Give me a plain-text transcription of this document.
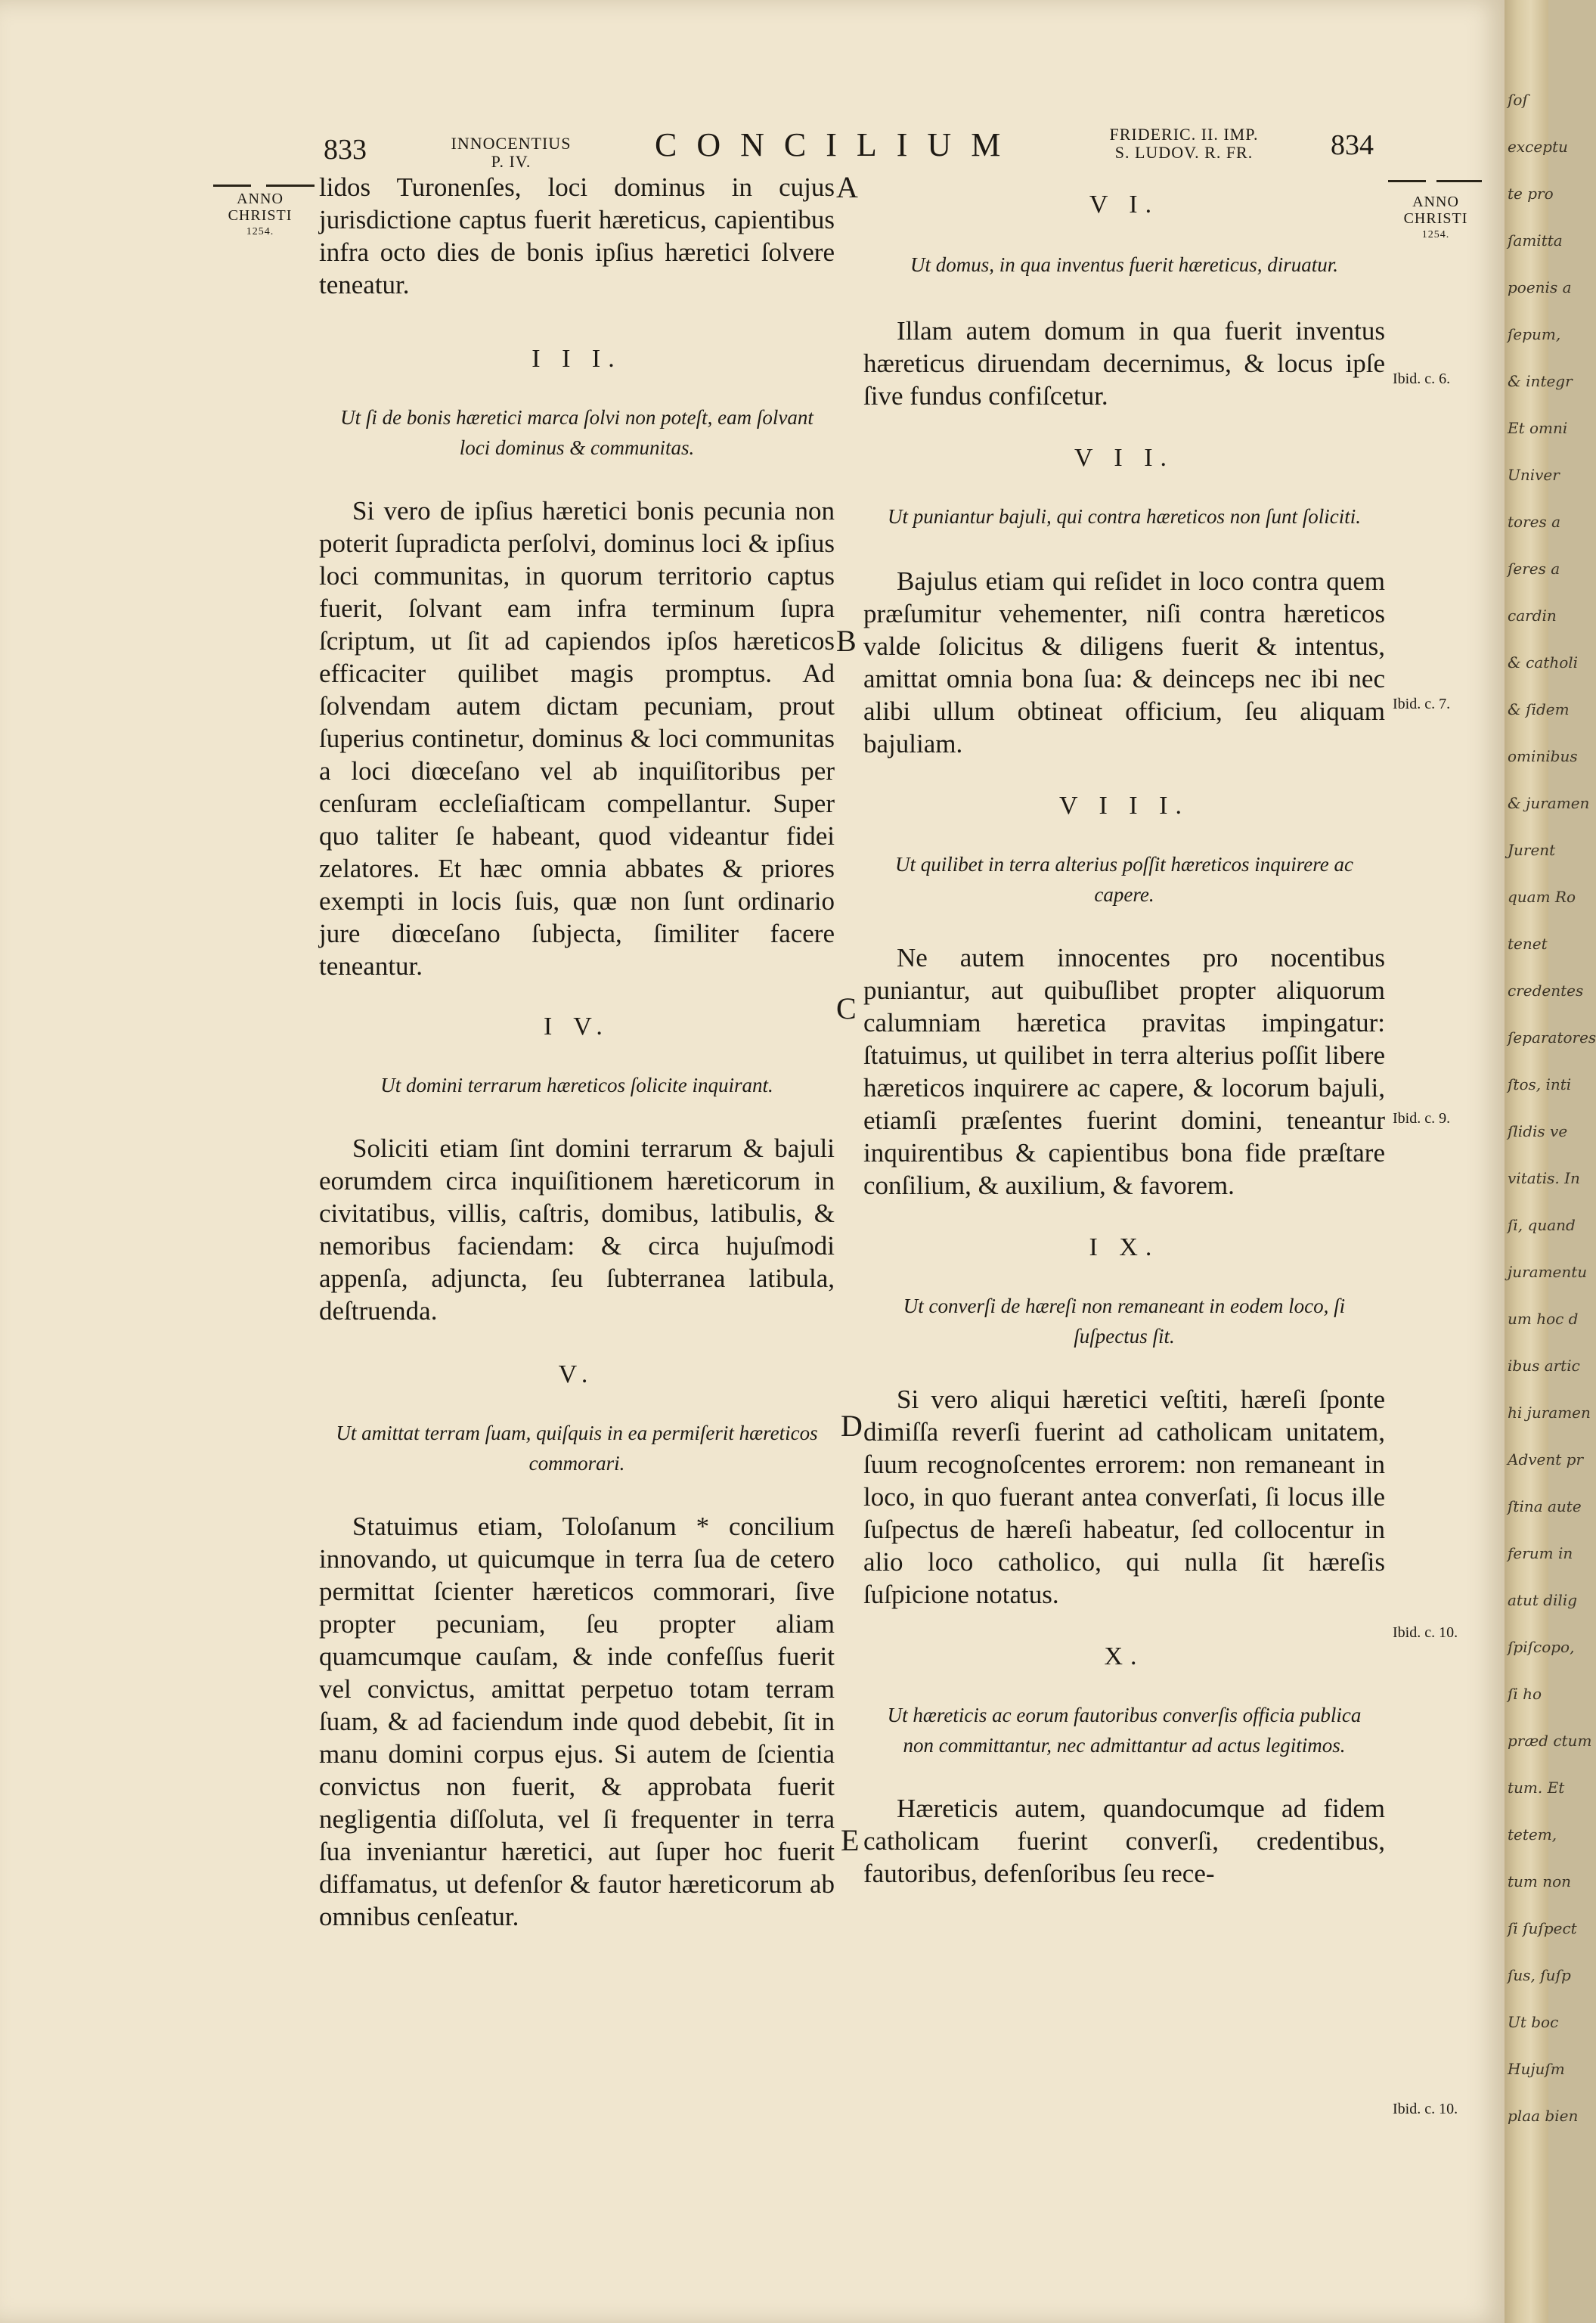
833	INNOCENTIUS
P. IV.	CONCILIUM	FRIDERIC. II. IMP.
S. LUDOV. R. FR.	834
ANNO
CHRISTI
1254.
ANNO
CHRISTI
1254.
A
B
C
D
E
Ibid. c. 6.
Ibid. c. 7.
Ibid. c. 9.
Ibid. c. 10.
Ibid. c. 10.

lidos Turonenſes, loci dominus in cujus jurisdictione captus fuerit hæreticus, capientibus infra octo dies de bonis ipſius hæretici ſolvere teneatur.

I I I.

Ut ſi de bonis hæretici marca ſolvi non poteſt, eam ſolvant loci dominus & communitas.

Si vero de ipſius hæretici bonis pecunia non poterit ſupradicta perſolvi, dominus loci & ipſius loci communitas, in quorum territorio captus fuerit, ſolvant eam infra terminum ſupra ſcriptum, ut ſit ad capiendos ipſos hæreticos efficaciter quilibet magis promptus. Ad ſolvendam autem dictam pecuniam, prout ſuperius continetur, dominus & loci communitas a loci diœceſano vel ab inquiſitoribus per cenſuram eccleſiaſticam compellantur. Super quo taliter ſe habeant, quod videantur fidei zelatores. Et hæc omnia abbates & priores exempti in locis ſuis, quæ non ſunt ordinario jure diœceſano ſubjecta, ſimiliter facere teneantur.

I V.

Ut domini terrarum hæreticos ſolicite inquirant.

Soliciti etiam ſint domini terrarum & bajuli eorumdem circa inquiſitionem hæreticorum in civitatibus, villis, caſtris, domibus, latibulis, & nemoribus faciendam: & circa hujuſmodi appenſa, adjuncta, ſeu ſubterranea latibula, deſtruenda.

V.

Ut amittat terram ſuam, quiſquis in ea permiſerit hæreticos commorari.

Statuimus etiam, Toloſanum * concilium innovando, ut quicumque in terra ſua de cetero permittat ſcienter hæreticos commorari, ſive propter pecuniam, ſeu propter aliam quamcumque cauſam, & inde confeſſus fuerit vel convictus, amittat perpetuo totam terram ſuam, & ad faciendum inde quod debebit, ſit in manu domini corpus ejus. Si autem de ſcientia convictus non fuerit, & approbata fuerit negligentia diſſoluta, vel ſi frequenter in terra ſua inveniantur hæretici, aut ſuper hoc fuerit diffamatus, ut defenſor & fautor hæreticorum ab omnibus cenſeatur.

V I.

Ut domus, in qua inventus fuerit hæreticus, diruatur.

Illam autem domum in qua fuerit inventus hæreticus diruendam decernimus, & locus ipſe ſive fundus confiſcetur.

V I I.

Ut puniantur bajuli, qui contra hæreticos non ſunt ſoliciti.

Bajulus etiam qui reſidet in loco contra quem præſumitur vehementer, niſi contra hæreticos valde ſolicitus & diligens fuerit & intentus, amittat omnia bona ſua: & deinceps nec ibi nec alibi ullum obtineat officium, ſeu aliquam bajuliam.

V I I I.

Ut quilibet in terra alterius poſſit hæreticos inquirere ac capere.

Ne autem innocentes pro nocentibus puniantur, aut quibuſlibet propter aliquorum calumniam hæretica pravitas impingatur: ſtatuimus, ut quilibet in terra alterius poſſit libere hæreticos inquirere ac capere, & locorum bajuli, etiamſi præſentes fuerint domini, teneantur inquirentibus & capientibus bona fide præſtare conſilium, & auxilium, & favorem.

I X.

Ut converſi de hæreſi non remaneant in eodem loco, ſi ſuſpectus ſit.

Si vero aliqui hæretici veſtiti, hæreſi ſponte dimiſſa reverſi fuerint ad catholicam unitatem, ſuum recognoſcentes errorem: non remaneant in loco, in quo fuerant antea converſati, ſi locus ille ſuſpectus de hæreſi habeatur, ſed collocentur in alio loco catholico, qui nulla ſit hæreſis ſuſpicione notatus.

X.

Ut hæreticis ac eorum fautoribus converſis officia publica non committantur, nec admittantur ad actus legitimos.

Hæreticis autem, quandocumque ad fidem catholicam fuerint converſi, credentibus, fautoribus, defenſoribus ſeu rece-

ſoſ
exceptu
te pro
ſamitta
poenis a
ſepum,
& integr
Et omni
Univer
tores a
ſeres a
cardin
& catholi
& ſidem
ominibus
& juramen
Jurent
quam Ro
tenet
credentes
ſeparatores
ſtos, inti
ſlidis ve
vitatis. In
ſi, quand
juramentu
um hoc d
ibus artic
hi juramen
Advent pr
ſtina aute
ferum in
atut dilig
ſpiſcopo,
ſi ho
præd ctum
tum. Et
tetem,
tum non
ſi ſuſpect
ſus, ſuſp
Ut boc
Hujuſm
plaa bien
